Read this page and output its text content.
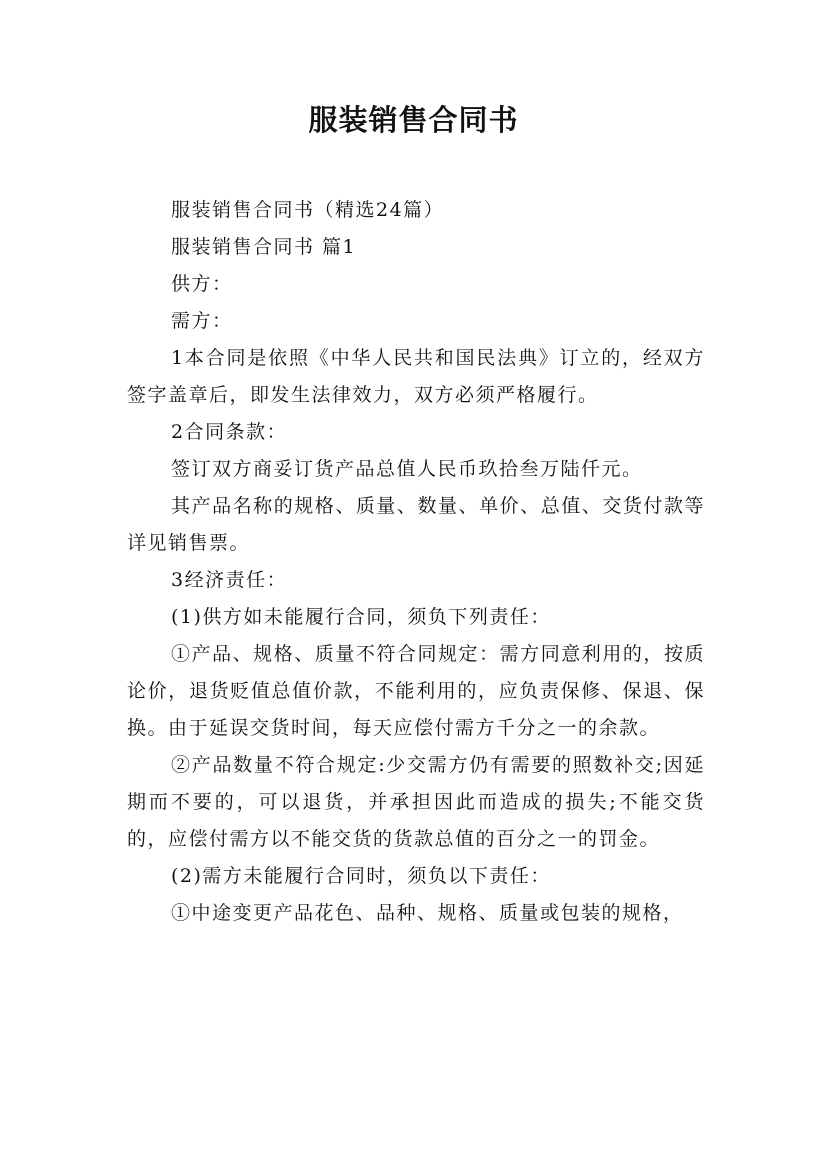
服装销售合同书

服装销售合同书（精选24篇）

服装销售合同书 篇1

供方：

需方：

1本合同是依照《中华人民共和国民法典》订立的，经双方签字盖章后，即发生法律效力，双方必须严格履行。

2合同条款：

签订双方商妥订货产品总值人民币玖拾叁万陆仟元。

其产品名称的规格、质量、数量、单价、总值、交货付款等详见销售票。

3经济责任：

(1)供方如未能履行合同，须负下列责任：

①产品、规格、质量不符合同规定：需方同意利用的，按质论价，退货贬值总值价款，不能利用的，应负责保修、保退、保换。由于延误交货时间，每天应偿付需方千分之一的余款。

②产品数量不符合规定:少交需方仍有需要的照数补交;因延期而不要的，可以退货，并承担因此而造成的损失;不能交货的，应偿付需方以不能交货的货款总值的百分之一的罚金。

(2)需方未能履行合同时，须负以下责任：

①中途变更产品花色、品种、规格、质量或包装的规格，
